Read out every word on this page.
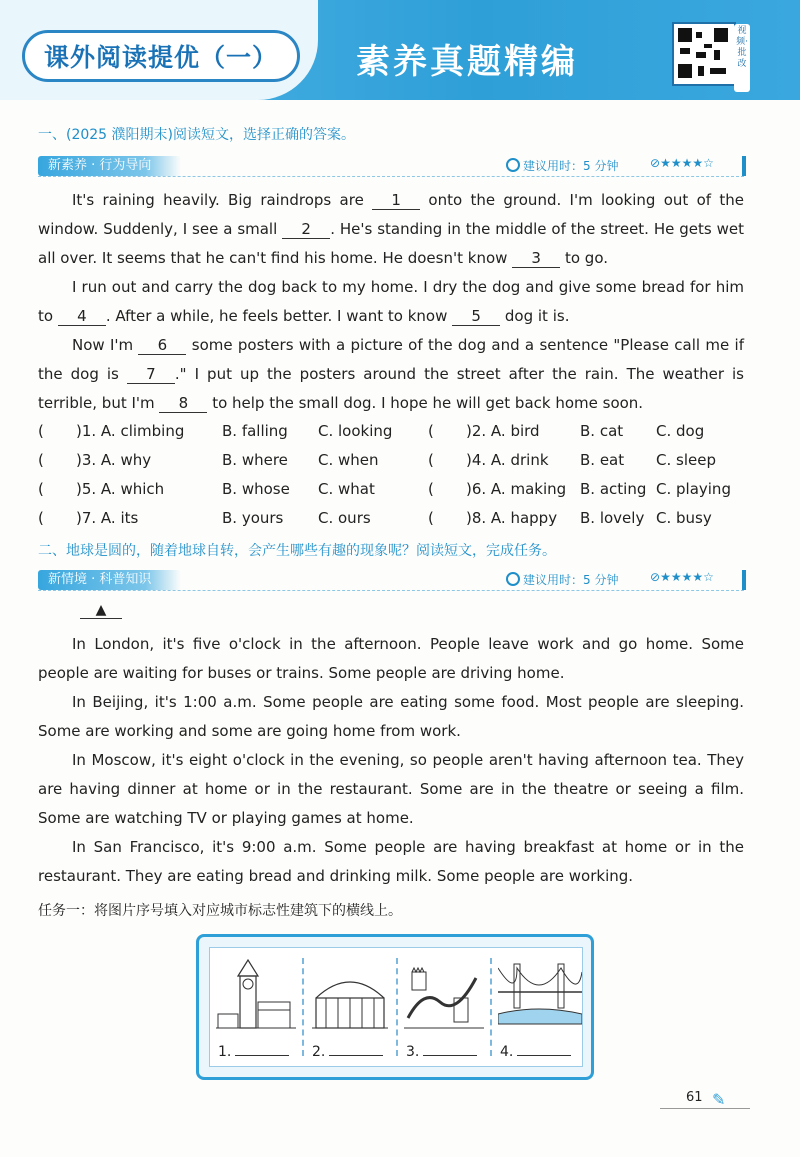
课外阅读提优（一）	素养真题精编
视频·批改
一、(2025 濮阳期末)阅读短文，选择正确的答案。
新素养 · 行为导向	建议用时：5 分钟	⊘★★★★☆
It's raining heavily. Big raindrops are 1 onto the ground. I'm looking out of the window. Suddenly, I see a small 2 . He's standing in the middle of the street. He gets wet all over. It seems that he can't find his home. He doesn't know 3 to go.
I run out and carry the dog back to my home. I dry the dog and give some bread for him to 4 . After a while, he feels better. I want to know 5 dog it is.
Now I'm 6 some posters with a picture of the dog and a sentence "Please call me if the dog is 7 ." I put up the posters around the street after the rain. The weather is terrible, but I'm 8 to help the small dog. I hope he will get back home soon.
( )1. A. climbing	B. falling C. looking ( )2. A. bird	B. cat C. dog
( )3. A. why	B. where C. when	( )4. A. drink B. eat C. sleep
( )5. A. which	B. whose C. what	( )6. A. making B. acting C. playing
( )7. A. its	B. yours C. ours	( )8. A. happy B. lovely C. busy
二、地球是圆的，随着地球自转，会产生哪些有趣的现象呢？阅读短文，完成任务。
新情境 · 科普知识	建议用时：5 分钟	⊘★★★★☆
▲
In London, it's five o'clock in the afternoon. People leave work and go home. Some people are waiting for buses or trains. Some people are driving home.
In Beijing, it's 1:00 a.m. Some people are eating some food. Most people are sleeping. Some are working and some are going home from work.
In Moscow, it's eight o'clock in the evening, so people aren't having afternoon tea. They are having dinner at home or in the restaurant. Some are in the theatre or seeing a film. Some are watching TV or playing games at home.
In San Francisco, it's 9:00 a.m. Some people are having breakfast at home or in the restaurant. They are eating bread and drinking milk. Some people are working.
任务一：将图片序号填入对应城市标志性建筑下的横线上。
1.	2.	3.	4.
61 ✎
